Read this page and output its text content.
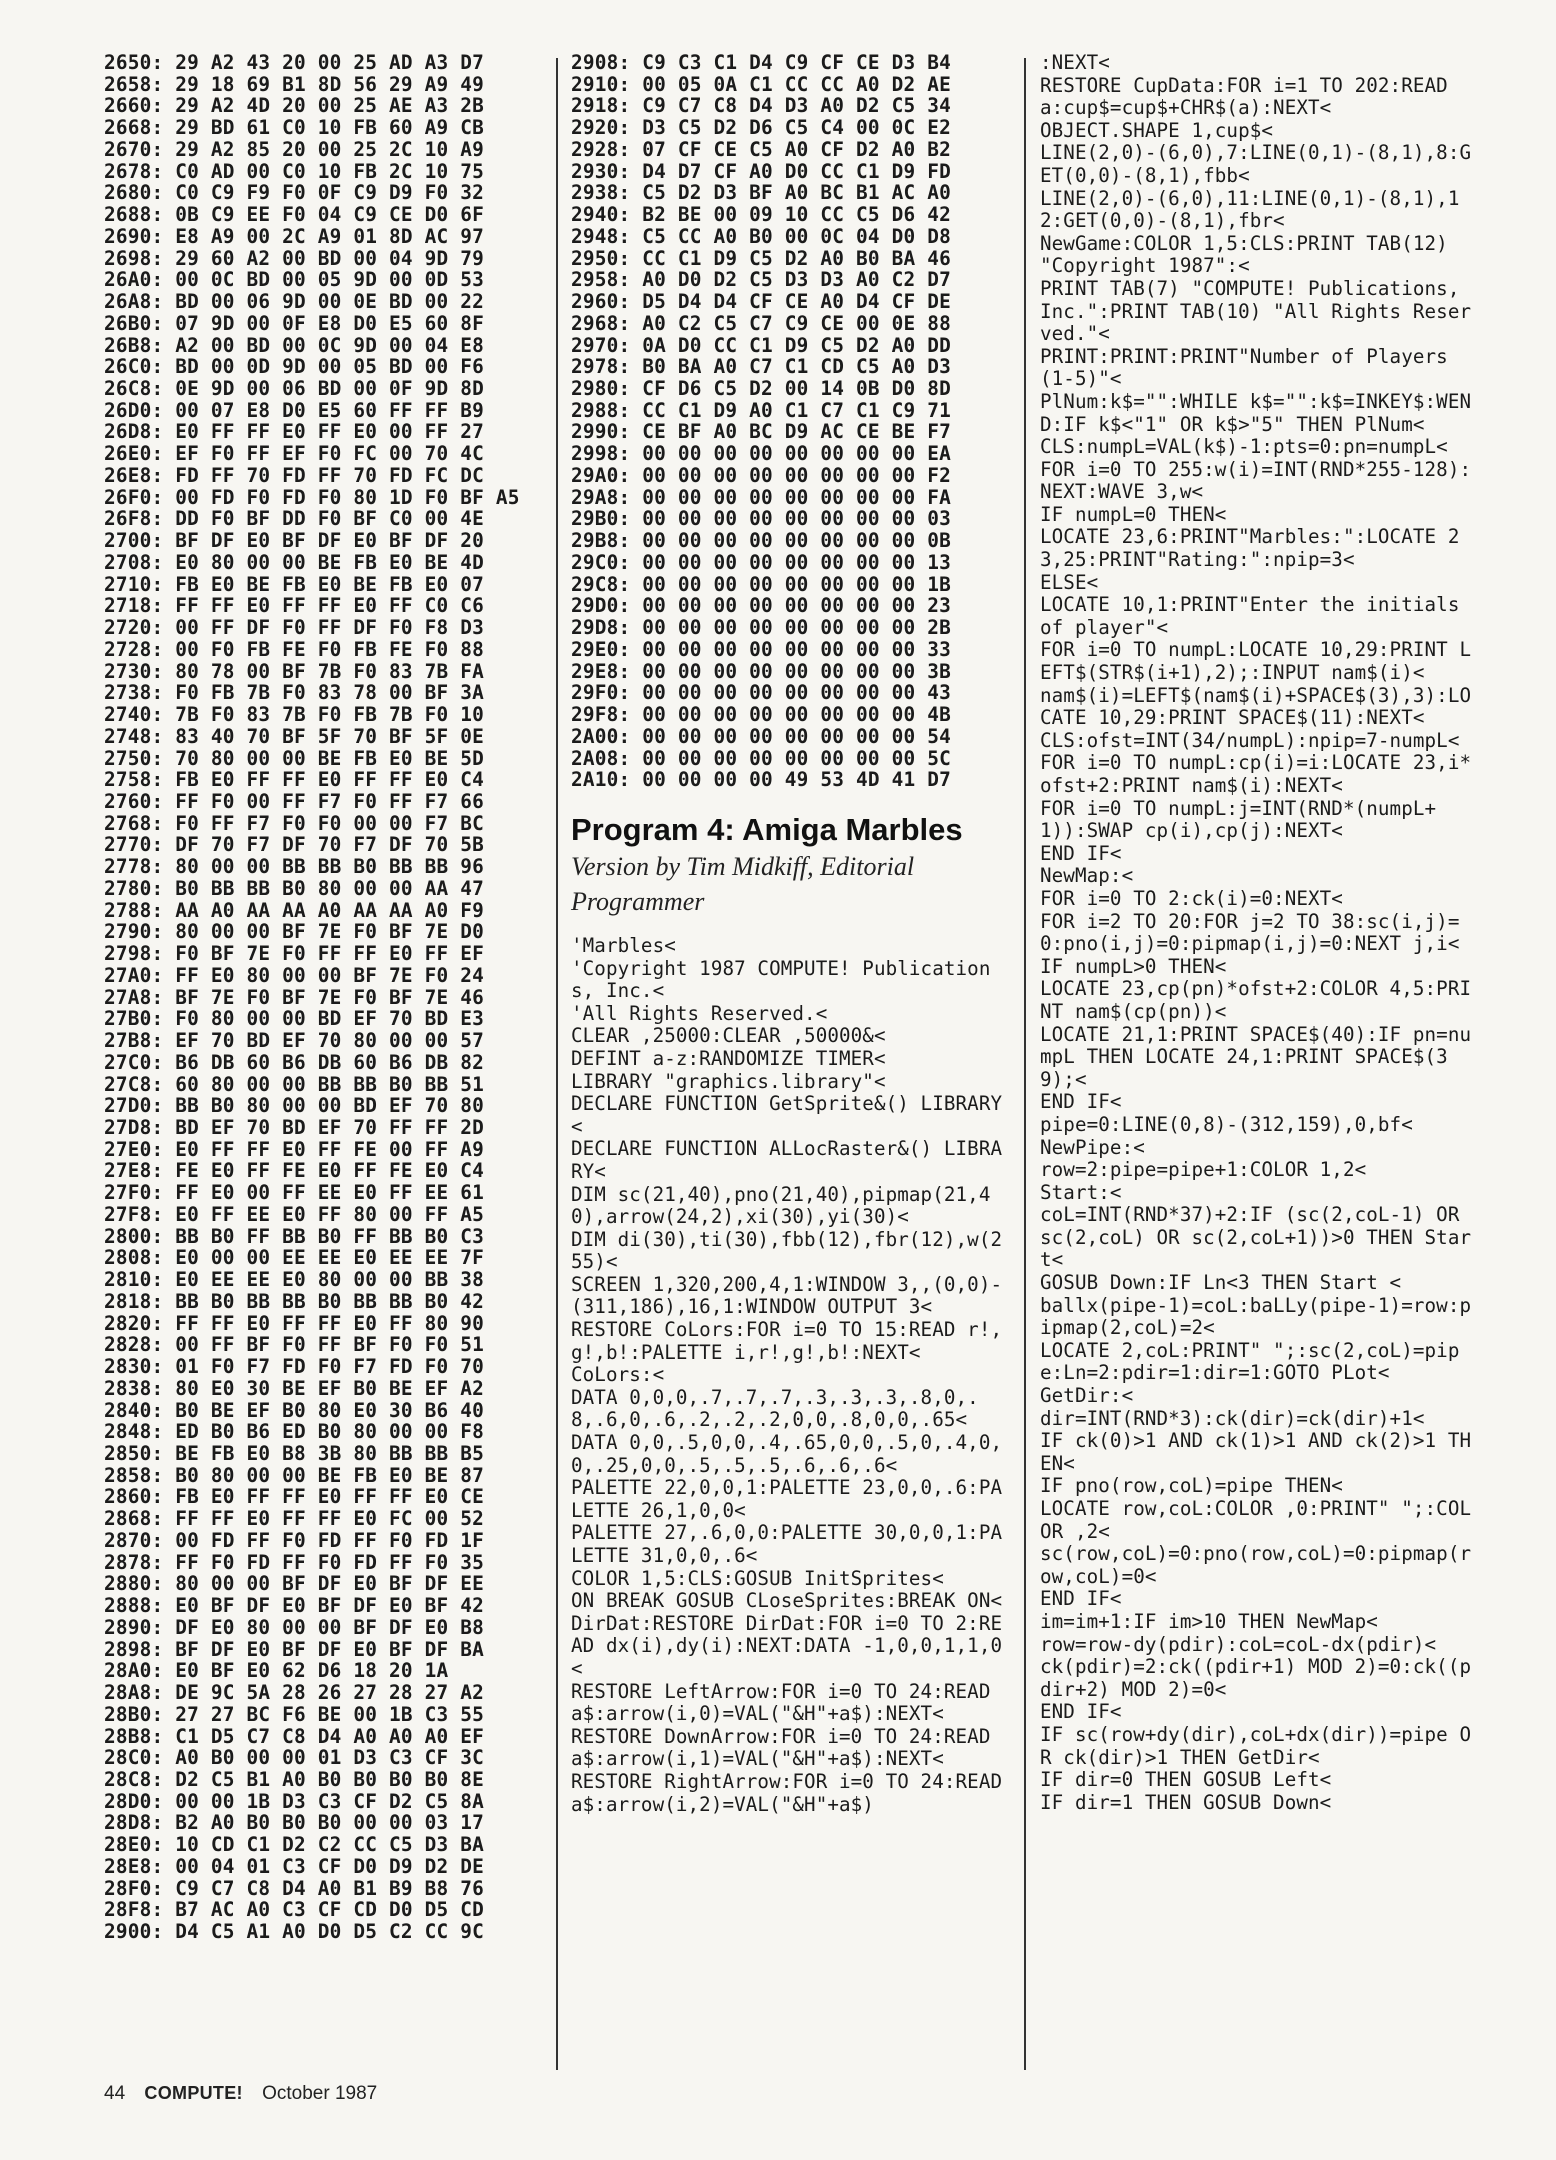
2650: 29 A2 43 20 00 25 AD A3 D7
2658: 29 18 69 B1 8D 56 29 A9 49
2660: 29 A2 4D 20 00 25 AE A3 2B
2668: 29 BD 61 C0 10 FB 60 A9 CB
2670: 29 A2 85 20 00 25 2C 10 A9
2678: C0 AD 00 C0 10 FB 2C 10 75
2680: C0 C9 F9 F0 0F C9 D9 F0 32
2688: 0B C9 EE F0 04 C9 CE D0 6F
2690: E8 A9 00 2C A9 01 8D AC 97
2698: 29 60 A2 00 BD 00 04 9D 79
26A0: 00 0C BD 00 05 9D 00 0D 53
26A8: BD 00 06 9D 00 0E BD 00 22
26B0: 07 9D 00 0F E8 D0 E5 60 8F
26B8: A2 00 BD 00 0C 9D 00 04 E8
26C0: BD 00 0D 9D 00 05 BD 00 F6
26C8: 0E 9D 00 06 BD 00 0F 9D 8D
26D0: 00 07 E8 D0 E5 60 FF FF B9
26D8: E0 FF FF E0 FF E0 00 FF 27
26E0: EF F0 FF EF F0 FC 00 70 4C
26E8: FD FF 70 FD FF 70 FD FC DC
26F0: 00 FD F0 FD F0 80 1D F0 BF A5
26F8: DD F0 BF DD F0 BF C0 00 4E
2700: BF DF E0 BF DF E0 BF DF 20
2708: E0 80 00 00 BE FB E0 BE 4D
2710: FB E0 BE FB E0 BE FB E0 07
2718: FF FF E0 FF FF E0 FF C0 C6
2720: 00 FF DF F0 FF DF F0 F8 D3
2728: 00 F0 FB FE F0 FB FE F0 88
2730: 80 78 00 BF 7B F0 83 7B FA
2738: F0 FB 7B F0 83 78 00 BF 3A
2740: 7B F0 83 7B F0 FB 7B F0 10
2748: 83 40 70 BF 5F 70 BF 5F 0E
2750: 70 80 00 00 BE FB E0 BE 5D
2758: FB E0 FF FF E0 FF FF E0 C4
2760: FF F0 00 FF F7 F0 FF F7 66
2768: F0 FF F7 F0 F0 00 00 F7 BC
2770: DF 70 F7 DF 70 F7 DF 70 5B
2778: 80 00 00 BB BB B0 BB BB 96
2780: B0 BB BB B0 80 00 00 AA 47
2788: AA A0 AA AA A0 AA AA A0 F9
2790: 80 00 00 BF 7E F0 BF 7E D0
2798: F0 BF 7E F0 FF FF E0 FF EF
27A0: FF E0 80 00 00 BF 7E F0 24
27A8: BF 7E F0 BF 7E F0 BF 7E 46
27B0: F0 80 00 00 BD EF 70 BD E3
27B8: EF 70 BD EF 70 80 00 00 57
27C0: B6 DB 60 B6 DB 60 B6 DB 82
27C8: 60 80 00 00 BB BB B0 BB 51
27D0: BB B0 80 00 00 BD EF 70 80
27D8: BD EF 70 BD EF 70 FF FF 2D
27E0: E0 FF FF E0 FF FE 00 FF A9
27E8: FE E0 FF FE E0 FF FE E0 C4
27F0: FF E0 00 FF EE E0 FF EE 61
27F8: E0 FF EE E0 FF 80 00 FF A5
2800: BB B0 FF BB B0 FF BB B0 C3
2808: E0 00 00 EE EE E0 EE EE 7F
2810: E0 EE EE E0 80 00 00 BB 38
2818: BB B0 BB BB B0 BB BB B0 42
2820: FF FF E0 FF FF E0 FF 80 90
2828: 00 FF BF F0 FF BF F0 F0 51
2830: 01 F0 F7 FD F0 F7 FD F0 70
2838: 80 E0 30 BE EF B0 BE EF A2
2840: B0 BE EF B0 80 E0 30 B6 40
2848: ED B0 B6 ED B0 80 00 00 F8
2850: BE FB E0 B8 3B 80 BB BB B5
2858: B0 80 00 00 BE FB E0 BE 87
2860: FB E0 FF FF E0 FF FF E0 CE
2868: FF FF E0 FF FF E0 FC 00 52
2870: 00 FD FF F0 FD FF F0 FD 1F
2878: FF F0 FD FF F0 FD FF F0 35
2880: 80 00 00 BF DF E0 BF DF EE
2888: E0 BF DF E0 BF DF E0 BF 42
2890: DF E0 80 00 00 BF DF E0 B8
2898: BF DF E0 BF DF E0 BF DF BA
28A0: E0 BF E0 62 D6 18 20 1A
28A8: DE 9C 5A 28 26 27 28 27 A2
28B0: 27 27 BC F6 BE 00 1B C3 55
28B8: C1 D5 C7 C8 D4 A0 A0 A0 EF
28C0: A0 B0 00 00 01 D3 C3 CF 3C
28C8: D2 C5 B1 A0 B0 B0 B0 B0 8E
28D0: 00 00 1B D3 C3 CF D2 C5 8A
28D8: B2 A0 B0 B0 B0 00 00 03 17
28E0: 10 CD C1 D2 C2 CC C5 D3 BA
28E8: 00 04 01 C3 CF D0 D9 D2 DE
28F0: C9 C7 C8 D4 A0 B1 B9 B8 76
28F8: B7 AC A0 C3 CF CD D0 D5 CD
2900: D4 C5 A1 A0 D0 D5 C2 CC 9C
2908: C9 C3 C1 D4 C9 CF CE D3 B4
2910: 00 05 0A C1 CC CC A0 D2 AE
2918: C9 C7 C8 D4 D3 A0 D2 C5 34
2920: D3 C5 D2 D6 C5 C4 00 0C E2
2928: 07 CF CE C5 A0 CF D2 A0 B2
2930: D4 D7 CF A0 D0 CC C1 D9 FD
2938: C5 D2 D3 BF A0 BC B1 AC A0
2940: B2 BE 00 09 10 CC C5 D6 42
2948: C5 CC A0 B0 00 0C 04 D0 D8
2950: CC C1 D9 C5 D2 A0 B0 BA 46
2958: A0 D0 D2 C5 D3 D3 A0 C2 D7
2960: D5 D4 D4 CF CE A0 D4 CF DE
2968: A0 C2 C5 C7 C9 CE 00 0E 88
2970: 0A D0 CC C1 D9 C5 D2 A0 DD
2978: B0 BA A0 C7 C1 CD C5 A0 D3
2980: CF D6 C5 D2 00 14 0B D0 8D
2988: CC C1 D9 A0 C1 C7 C1 C9 71
2990: CE BF A0 BC D9 AC CE BE F7
2998: 00 00 00 00 00 00 00 00 EA
29A0: 00 00 00 00 00 00 00 00 F2
29A8: 00 00 00 00 00 00 00 00 FA
29B0: 00 00 00 00 00 00 00 00 03
29B8: 00 00 00 00 00 00 00 00 0B
29C0: 00 00 00 00 00 00 00 00 13
29C8: 00 00 00 00 00 00 00 00 1B
29D0: 00 00 00 00 00 00 00 00 23
29D8: 00 00 00 00 00 00 00 00 2B
29E0: 00 00 00 00 00 00 00 00 33
29E8: 00 00 00 00 00 00 00 00 3B
29F0: 00 00 00 00 00 00 00 00 43
29F8: 00 00 00 00 00 00 00 00 4B
2A00: 00 00 00 00 00 00 00 00 54
2A08: 00 00 00 00 00 00 00 00 5C
2A10: 00 00 00 00 49 53 4D 41 D7
Program 4: Amiga Marbles
Version by Tim Midkiff, Editorial Programmer
'Marbles<
'Copyright 1987 COMPUTE! Publications, Inc.<
'All Rights Reserved.<
CLEAR ,25000:CLEAR ,50000&<
DEFINT a-z:RANDOMIZE TIMER<
LIBRARY "graphics.library"<
DECLARE FUNCTION GetSprite&() LIBRARY<
DECLARE FUNCTION ALLocRaster&() LIBRARY<
DIM sc(21,40),pno(21,40),pipmap(21,40),arrow(24,2),xi(30),yi(30)<
DIM di(30),ti(30),fbb(12),fbr(12),w(255)<
SCREEN 1,320,200,4,1:WINDOW 3,,(0,0)-(311,186),16,1:WINDOW OUTPUT 3<
RESTORE CoLors:FOR i=0 TO 15:READ r!,g!,b!:PALETTE i,r!,g!,b!:NEXT<
CoLors:<
DATA 0,0,0,.7,.7,.7,.3,.3,.3,.8,0,.8,.6,0,.6,.2,.2,.2,0,0,.8,0,0,.65<
DATA 0,0,.5,0,0,.4,.65,0,0,.5,0,.4,0,0,.25,0,0,.5,.5,.5,.6,.6,.6<
PALETTE 22,0,0,1:PALETTE 23,0,0,.6:PALETTE 26,1,0,0<
PALETTE 27,.6,0,0:PALETTE 30,0,0,1:PALETTE 31,0,0,.6<
COLOR 1,5:CLS:GOSUB InitSprites<
ON BREAK GOSUB CLoseSprites:BREAK ON<
DirDat:RESTORE DirDat:FOR i=0 TO 2:READ dx(i),dy(i):NEXT:DATA -1,0,0,1,1,0<
RESTORE LeftArrow:FOR i=0 TO 24:READ a$:arrow(i,0)=VAL("&H"+a$):NEXT<
RESTORE DownArrow:FOR i=0 TO 24:READ a$:arrow(i,1)=VAL("&H"+a$):NEXT<
RESTORE RightArrow:FOR i=0 TO 24:READ a$:arrow(i,2)=VAL("&H"+a$)
:NEXT<
RESTORE CupData:FOR i=1 TO 202:READ a:cup$=cup$+CHR$(a):NEXT<
OBJECT.SHAPE 1,cup$<
LINE(2,0)-(6,0),7:LINE(0,1)-(8,1),8:GET(0,0)-(8,1),fbb<
LINE(2,0)-(6,0),11:LINE(0,1)-(8,1),12:GET(0,0)-(8,1),fbr<
NewGame:COLOR 1,5:CLS:PRINT TAB(12) "Copyright 1987":<
PRINT TAB(7) "COMPUTE! Publications, Inc.":PRINT TAB(10) "All Rights Reserved."<
PRINT:PRINT:PRINT"Number of Players (1-5)"<
PlNum:k$="":WHILE k$="":k$=INKEY$:WEND:IF k$<"1" OR k$>"5" THEN PlNum<
CLS:numpL=VAL(k$)-1:pts=0:pn=numpL<
FOR i=0 TO 255:w(i)=INT(RND*255-128):NEXT:WAVE 3,w<
IF numpL=0 THEN<
LOCATE 23,6:PRINT"Marbles:":LOCATE 23,25:PRINT"Rating:":npip=3<
ELSE<
LOCATE 10,1:PRINT"Enter the initials of player"<
FOR i=0 TO numpL:LOCATE 10,29:PRINT LEFT$(STR$(i+1),2);:INPUT nam$(i)<
nam$(i)=LEFT$(nam$(i)+SPACE$(3),3):LOCATE 10,29:PRINT SPACE$(11):NEXT<
CLS:ofst=INT(34/numpL):npip=7-numpL<
FOR i=0 TO numpL:cp(i)=i:LOCATE 23,i*ofst+2:PRINT nam$(i):NEXT<
FOR i=0 TO numpL:j=INT(RND*(numpL+1)):SWAP cp(i),cp(j):NEXT<
END IF<
NewMap:<
FOR i=0 TO 2:ck(i)=0:NEXT<
FOR i=2 TO 20:FOR j=2 TO 38:sc(i,j)=0:pno(i,j)=0:pipmap(i,j)=0:NEXT j,i<
IF numpL>0 THEN<
LOCATE 23,cp(pn)*ofst+2:COLOR 4,5:PRINT nam$(cp(pn))<
LOCATE 21,1:PRINT SPACE$(40):IF pn=numpL THEN LOCATE 24,1:PRINT SPACE$(39);<
END IF<
pipe=0:LINE(0,8)-(312,159),0,bf<
NewPipe:<
row=2:pipe=pipe+1:COLOR 1,2<
Start:<
coL=INT(RND*37)+2:IF (sc(2,coL-1) OR sc(2,coL) OR sc(2,coL+1))>0 THEN Start<
GOSUB Down:IF Ln<3 THEN Start <
ballx(pipe-1)=coL:baLLy(pipe-1)=row:pipmap(2,coL)=2<
LOCATE 2,coL:PRINT" ";:sc(2,coL)=pipe:Ln=2:pdir=1:dir=1:GOTO PLot<
GetDir:<
dir=INT(RND*3):ck(dir)=ck(dir)+1<
IF ck(0)>1 AND ck(1)>1 AND ck(2)>1 THEN<
IF pno(row,coL)=pipe THEN<
LOCATE row,coL:COLOR ,0:PRINT" ";:COLOR ,2<
sc(row,coL)=0:pno(row,coL)=0:pipmap(row,coL)=0<
END IF<
im=im+1:IF im>10 THEN NewMap<
row=row-dy(pdir):coL=coL-dx(pdir)<
ck(pdir)=2:ck((pdir+1) MOD 2)=0:ck((pdir+2) MOD 2)=0<
END IF<
IF sc(row+dy(dir),coL+dx(dir))=pipe OR ck(dir)>1 THEN GetDir<
IF dir=0 THEN GOSUB Left<
IF dir=1 THEN GOSUB Down<
44 COMPUTE! October 1987
